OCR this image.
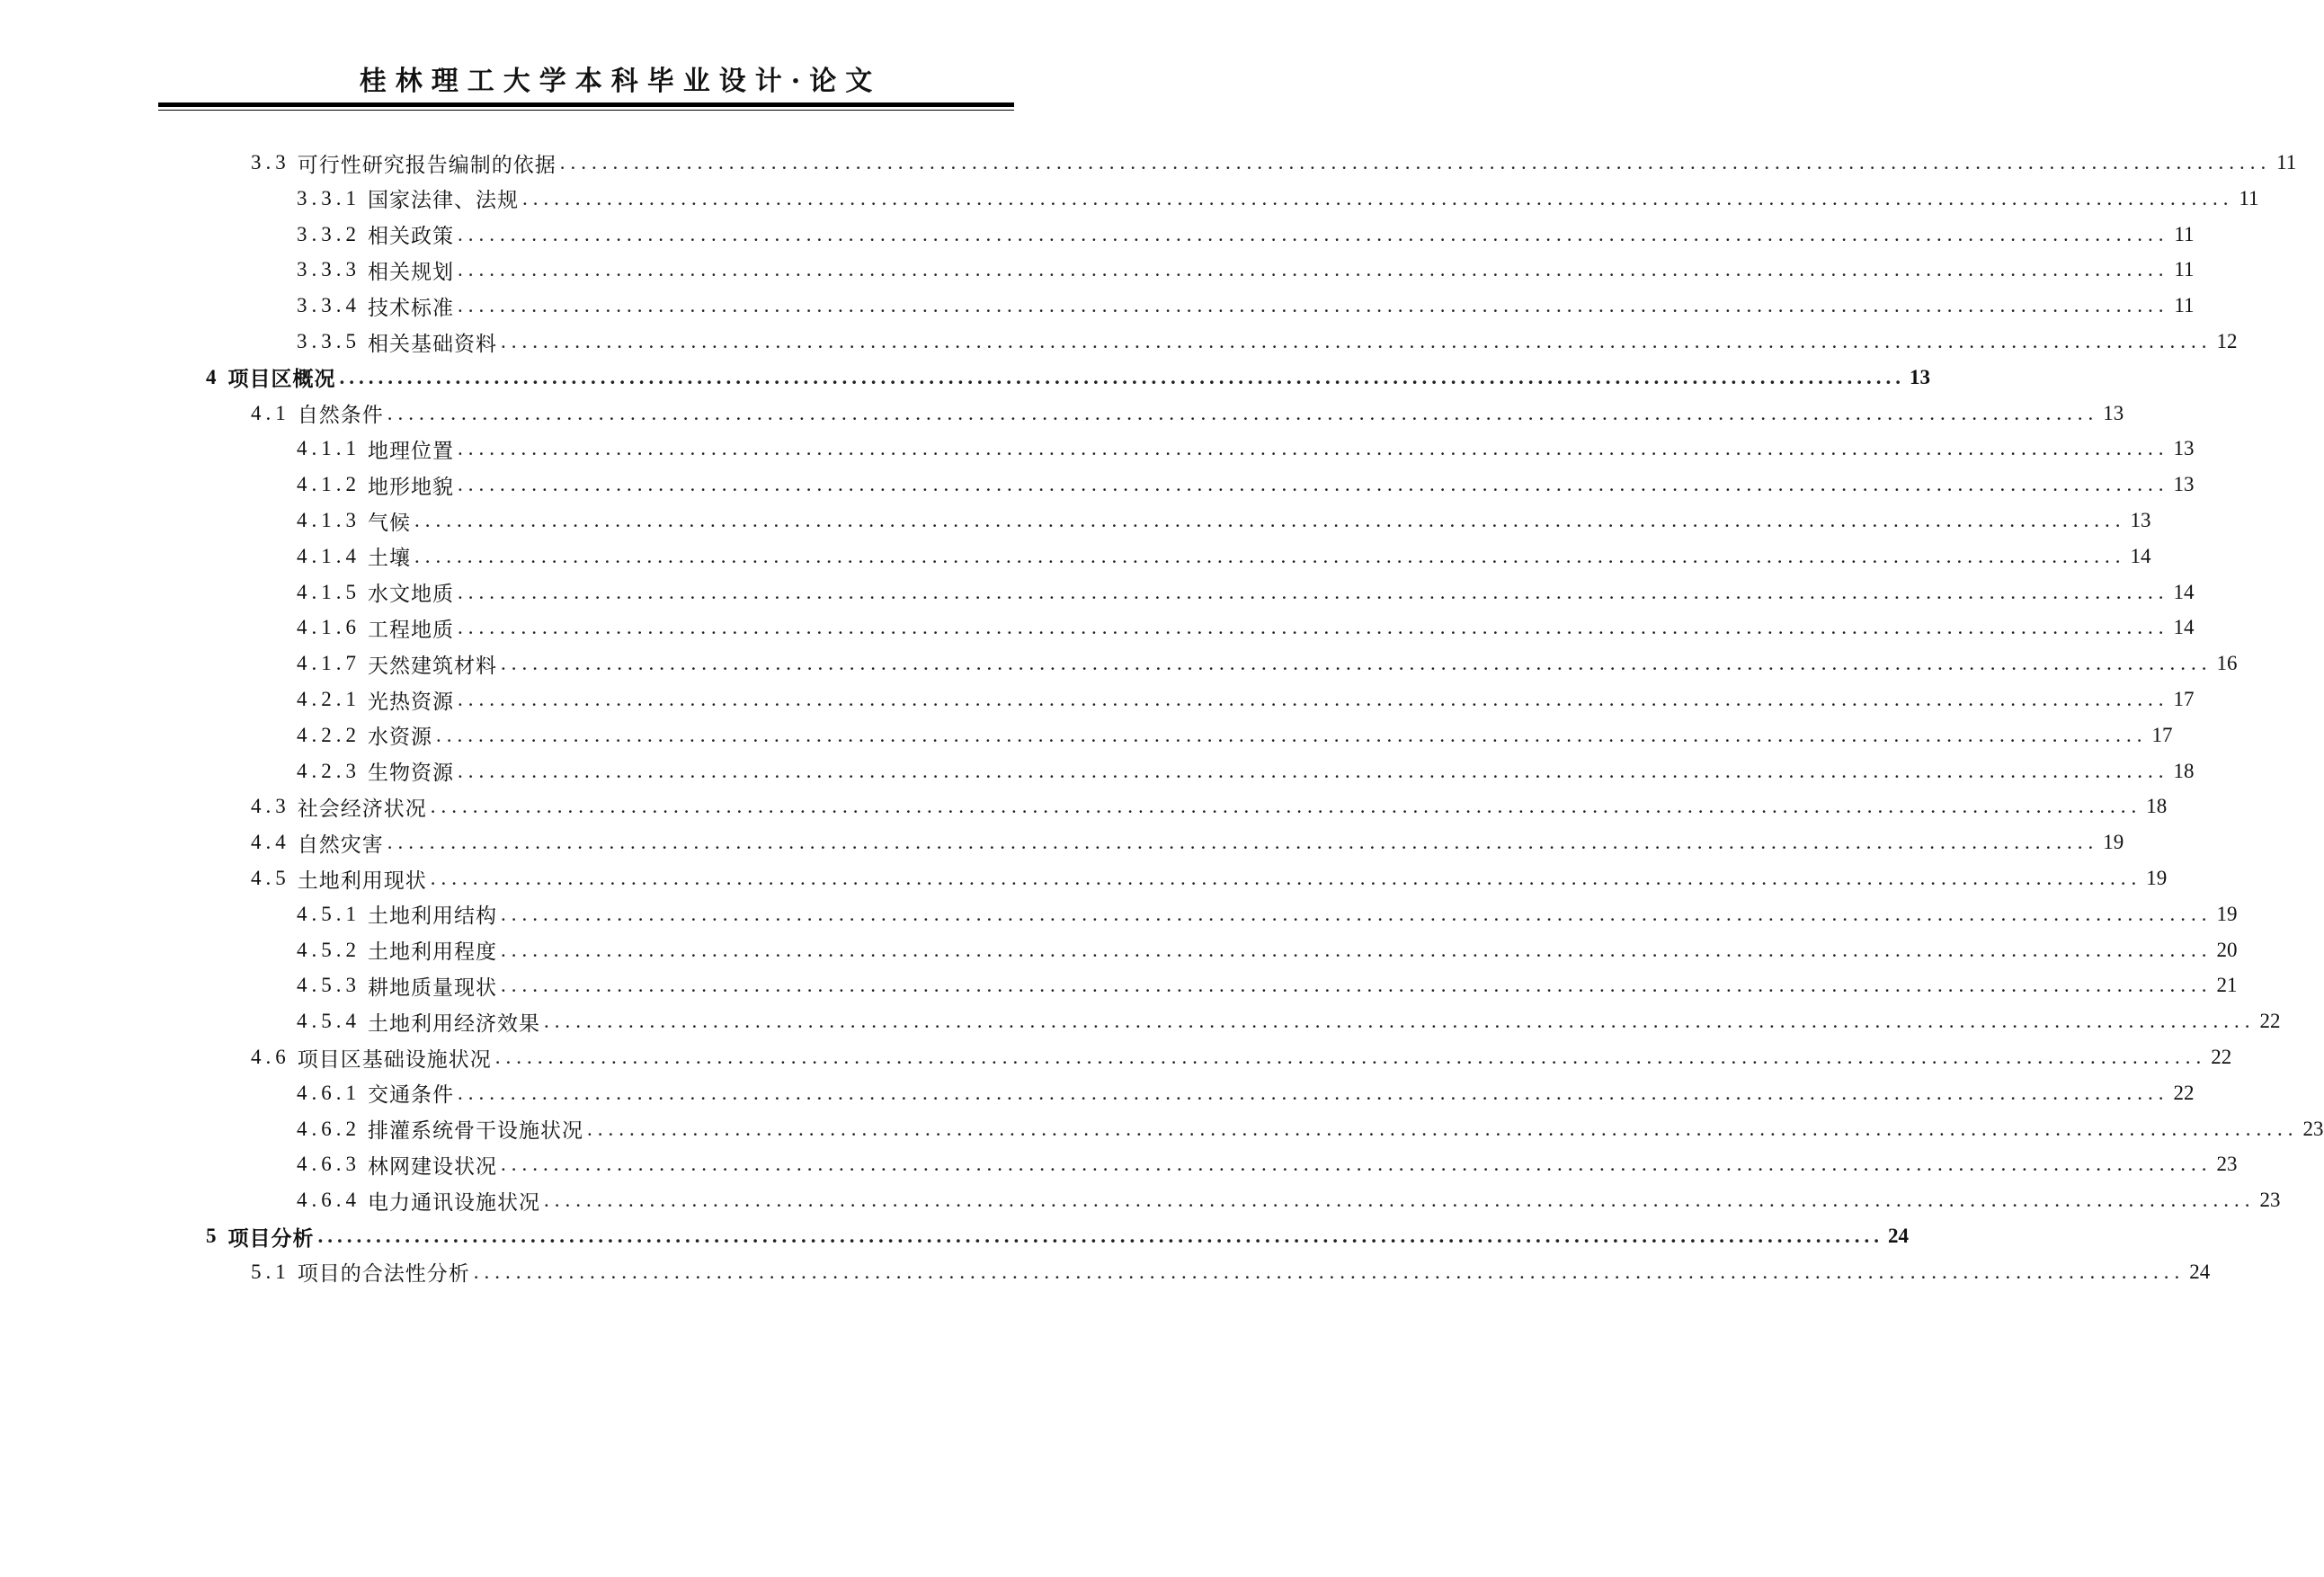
桂林理工大学本科毕业设计·论文
3.3 可行性研究报告编制的依据 .................................................................................................................................................................. 11
3.3.1 国家法律、法规 .................................................................................................................................................................. 11
3.3.2 相关政策 .................................................................................................................................................................. 11
3.3.3 相关规划 .................................................................................................................................................................. 11
3.3.4 技术标准 .................................................................................................................................................................. 11
3.3.5 相关基础资料 .................................................................................................................................................................. 12
4 项目区概况 .................................................................................................................................................................. 13
4.1 自然条件 .................................................................................................................................................................. 13
4.1.1 地理位置 .................................................................................................................................................................. 13
4.1.2 地形地貌 .................................................................................................................................................................. 13
4.1.3 气候 .................................................................................................................................................................. 13
4.1.4 土壤 .................................................................................................................................................................. 14
4.1.5 水文地质 .................................................................................................................................................................. 14
4.1.6 工程地质 .................................................................................................................................................................. 14
4.1.7 天然建筑材料 .................................................................................................................................................................. 16
4.2.1 光热资源 .................................................................................................................................................................. 17
4.2.2 水资源 .................................................................................................................................................................. 17
4.2.3 生物资源 .................................................................................................................................................................. 18
4.3 社会经济状况 .................................................................................................................................................................. 18
4.4 自然灾害 .................................................................................................................................................................. 19
4.5 土地利用现状 .................................................................................................................................................................. 19
4.5.1 土地利用结构 .................................................................................................................................................................. 19
4.5.2 土地利用程度 .................................................................................................................................................................. 20
4.5.3 耕地质量现状 .................................................................................................................................................................. 21
4.5.4 土地利用经济效果 .................................................................................................................................................................. 22
4.6 项目区基础设施状况 .................................................................................................................................................................. 22
4.6.1 交通条件 .................................................................................................................................................................. 22
4.6.2 排灌系统骨干设施状况 .................................................................................................................................................................. 23
4.6.3 林网建设状况 .................................................................................................................................................................. 23
4.6.4 电力通讯设施状况 .................................................................................................................................................................. 23
5 项目分析 .................................................................................................................................................................. 24
5.1 项目的合法性分析 .................................................................................................................................................................. 24
